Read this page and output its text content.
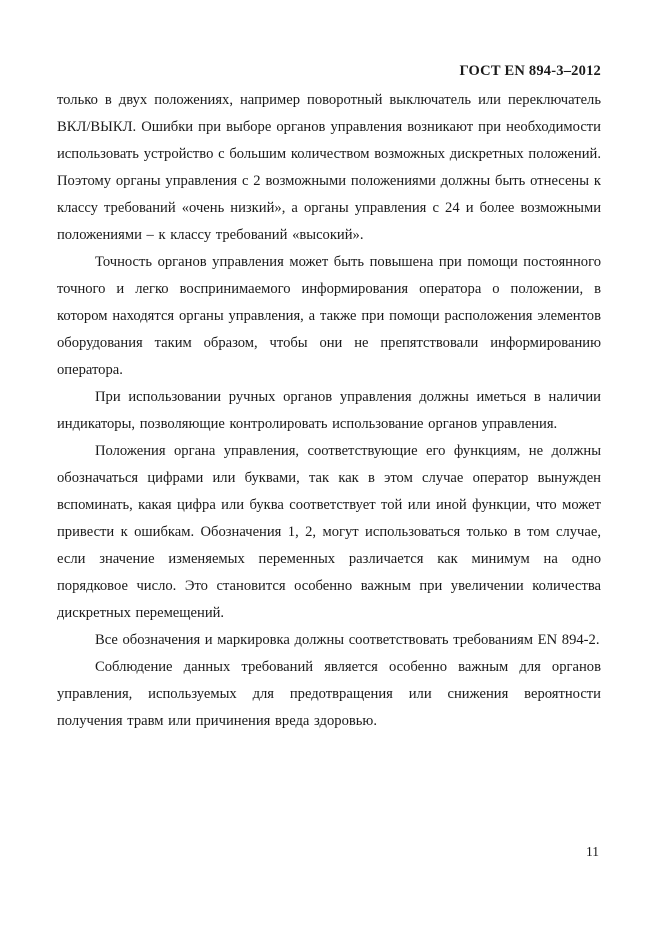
ГОСТ EN 894-3–2012

только в двух положениях, например поворотный выключатель или переключатель ВКЛ/ВЫКЛ. Ошибки при выборе органов управления возникают при необходимости использовать устройство с большим количеством возможных дискретных положений. Поэтому органы управления с 2 возможными положениями должны быть отнесены к классу требований «очень низкий», а органы управления с 24 и более возможными положениями – к классу требований «высокий».

Точность органов управления может быть повышена при помощи постоянного точного и легко воспринимаемого информирования оператора о положении, в котором находятся органы управления, а также при помощи расположения элементов оборудования таким образом, чтобы они не препятствовали информированию оператора.

При использовании ручных органов управления должны иметься в наличии индикаторы, позволяющие контролировать использование органов управления.

Положения органа управления, соответствующие его функциям, не должны обозначаться цифрами или буквами, так как в этом случае оператор вынужден вспоминать, какая цифра или буква соответствует той или иной функции, что может привести к ошибкам. Обозначения 1, 2, могут использоваться только в том случае, если значение изменяемых переменных различается как минимум на одно порядковое число. Это становится особенно важным при увеличении количества дискретных перемещений.

Все обозначения и маркировка должны соответствовать требованиям EN 894-2.

Соблюдение данных требований является особенно важным для органов управления, используемых для предотвращения или снижения вероятности получения травм или причинения вреда здоровью.

11
